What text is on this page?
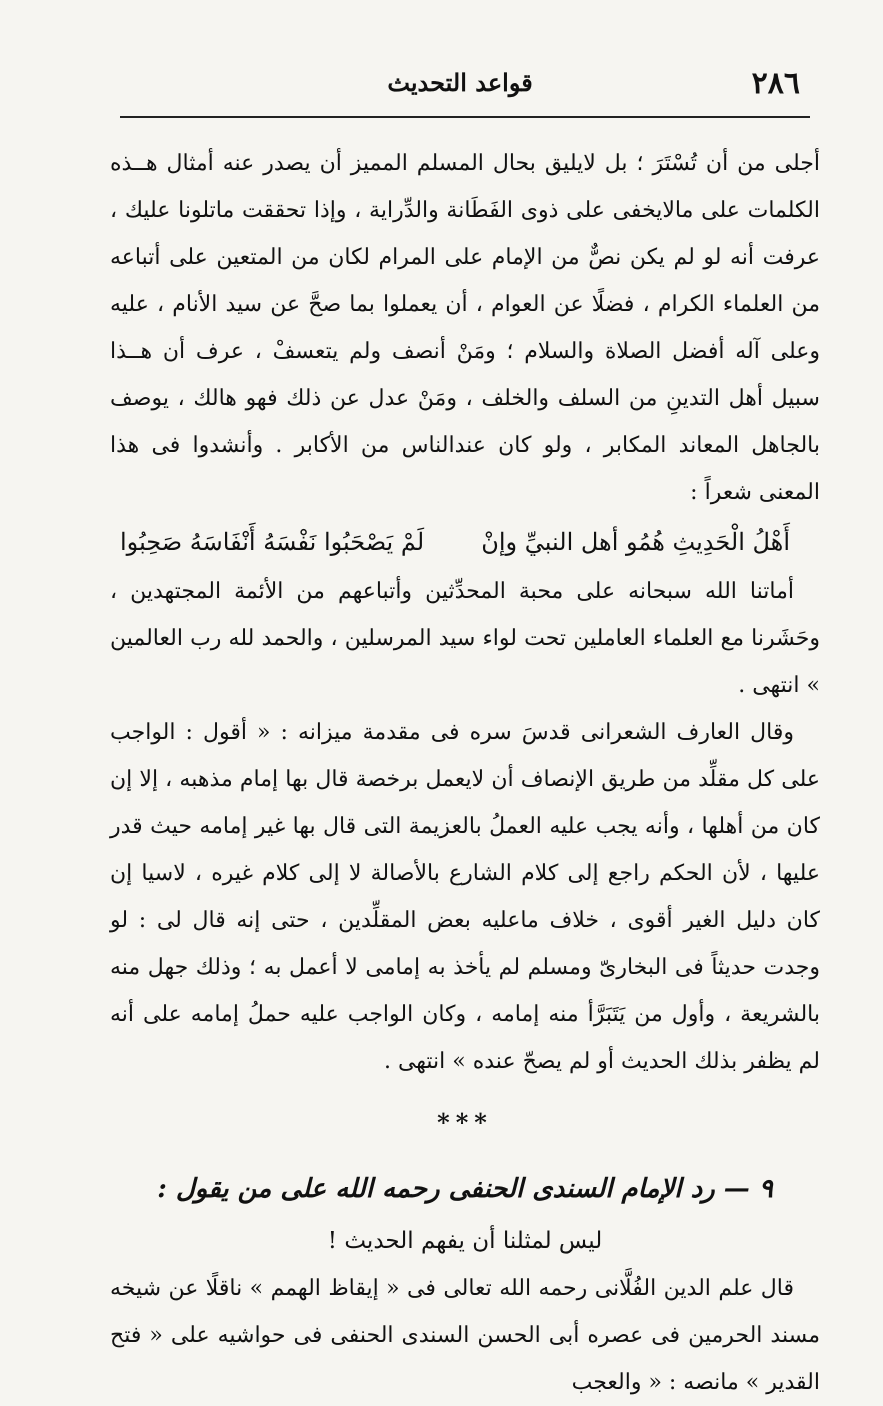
٢٨٦
قواعد التحديث

أجلى من أن تُسْتَرَ ؛ بل لايليق بحال المسلم المميز أن يصدر عنه أمثال هــذه الكلمات على مالايخفى على ذوى الفَطَانة والدِّراية ، وإذا تحققت ماتلونا عليك ، عرفت أنه لو لم يكن نصٌّ من الإمام على المرام لكان من المتعين على أتباعه من العلماء الكرام ، فضلًا عن العوام ، أن يعملوا بما صحَّ عن سيد الأنام ، عليه وعلى آله أفضل الصلاة والسلام ؛ ومَنْ أنصف ولم يتعسفْ ، عرف أن هــذا سبيل أهل التدينِ من السلف والخلف ، ومَنْ عدل عن ذلك فهو هالك ، يوصف بالجاهل المعاند المكابر ، ولو كان عندالناس من الأكابر . وأنشدوا فى هذا المعنى شعراً :

أَهْلُ الْحَدِيثِ هُمُو أهل النبيِّ وإنْ
لَمْ يَصْحَبُوا نَفْسَهُ أَنْفَاسَهُ صَحِبُوا

أماتنا الله سبحانه على محبة المحدِّثين وأتباعهم من الأئمة المجتهدين ، وحَشَرنا مع العلماء العاملين تحت لواء سيد المرسلين ، والحمد لله رب العالمين » انتهى .

وقال العارف الشعرانى قدسَ سره فى مقدمة ميزانه : « أقول : الواجب على كل مقلِّد من طريق الإنصاف أن لايعمل برخصة قال بها إمام مذهبه ، إلا إن كان من أهلها ، وأنه يجب عليه العملُ بالعزيمة التى قال بها غير إمامه حيث قدر عليها ، لأن الحكم راجع إلى كلام الشارع بالأصالة لا إلى كلام غيره ، لاسيا إن كان دليل الغير أقوى ، خلاف ماعليه بعض المقلِّدين ، حتى إنه قال لى : لو وجدت حديثاً فى البخارىّ ومسلم لم يأخذ به إمامى لا أعمل به ؛ وذلك جهل منه بالشريعة ، وأول من يَتَبَرَّأ منه إمامه ، وكان الواجب عليه حملُ إمامه على أنه لم يظفر بذلك الحديث أو لم يصحّ عنده » انتهى .

***
٩ — رد الإمام السندى الحنفى رحمه الله على من يقول :
ليس لمثلنا أن يفهم الحديث !

قال علم الدين الفُلَّانى رحمه الله تعالى فى « إيقاظ الهمم » ناقلًا عن شيخه مسند الحرمين فى عصره أبى الحسن السندى الحنفى فى حواشيه على « فتح القدير » مانصه : « والعجب
